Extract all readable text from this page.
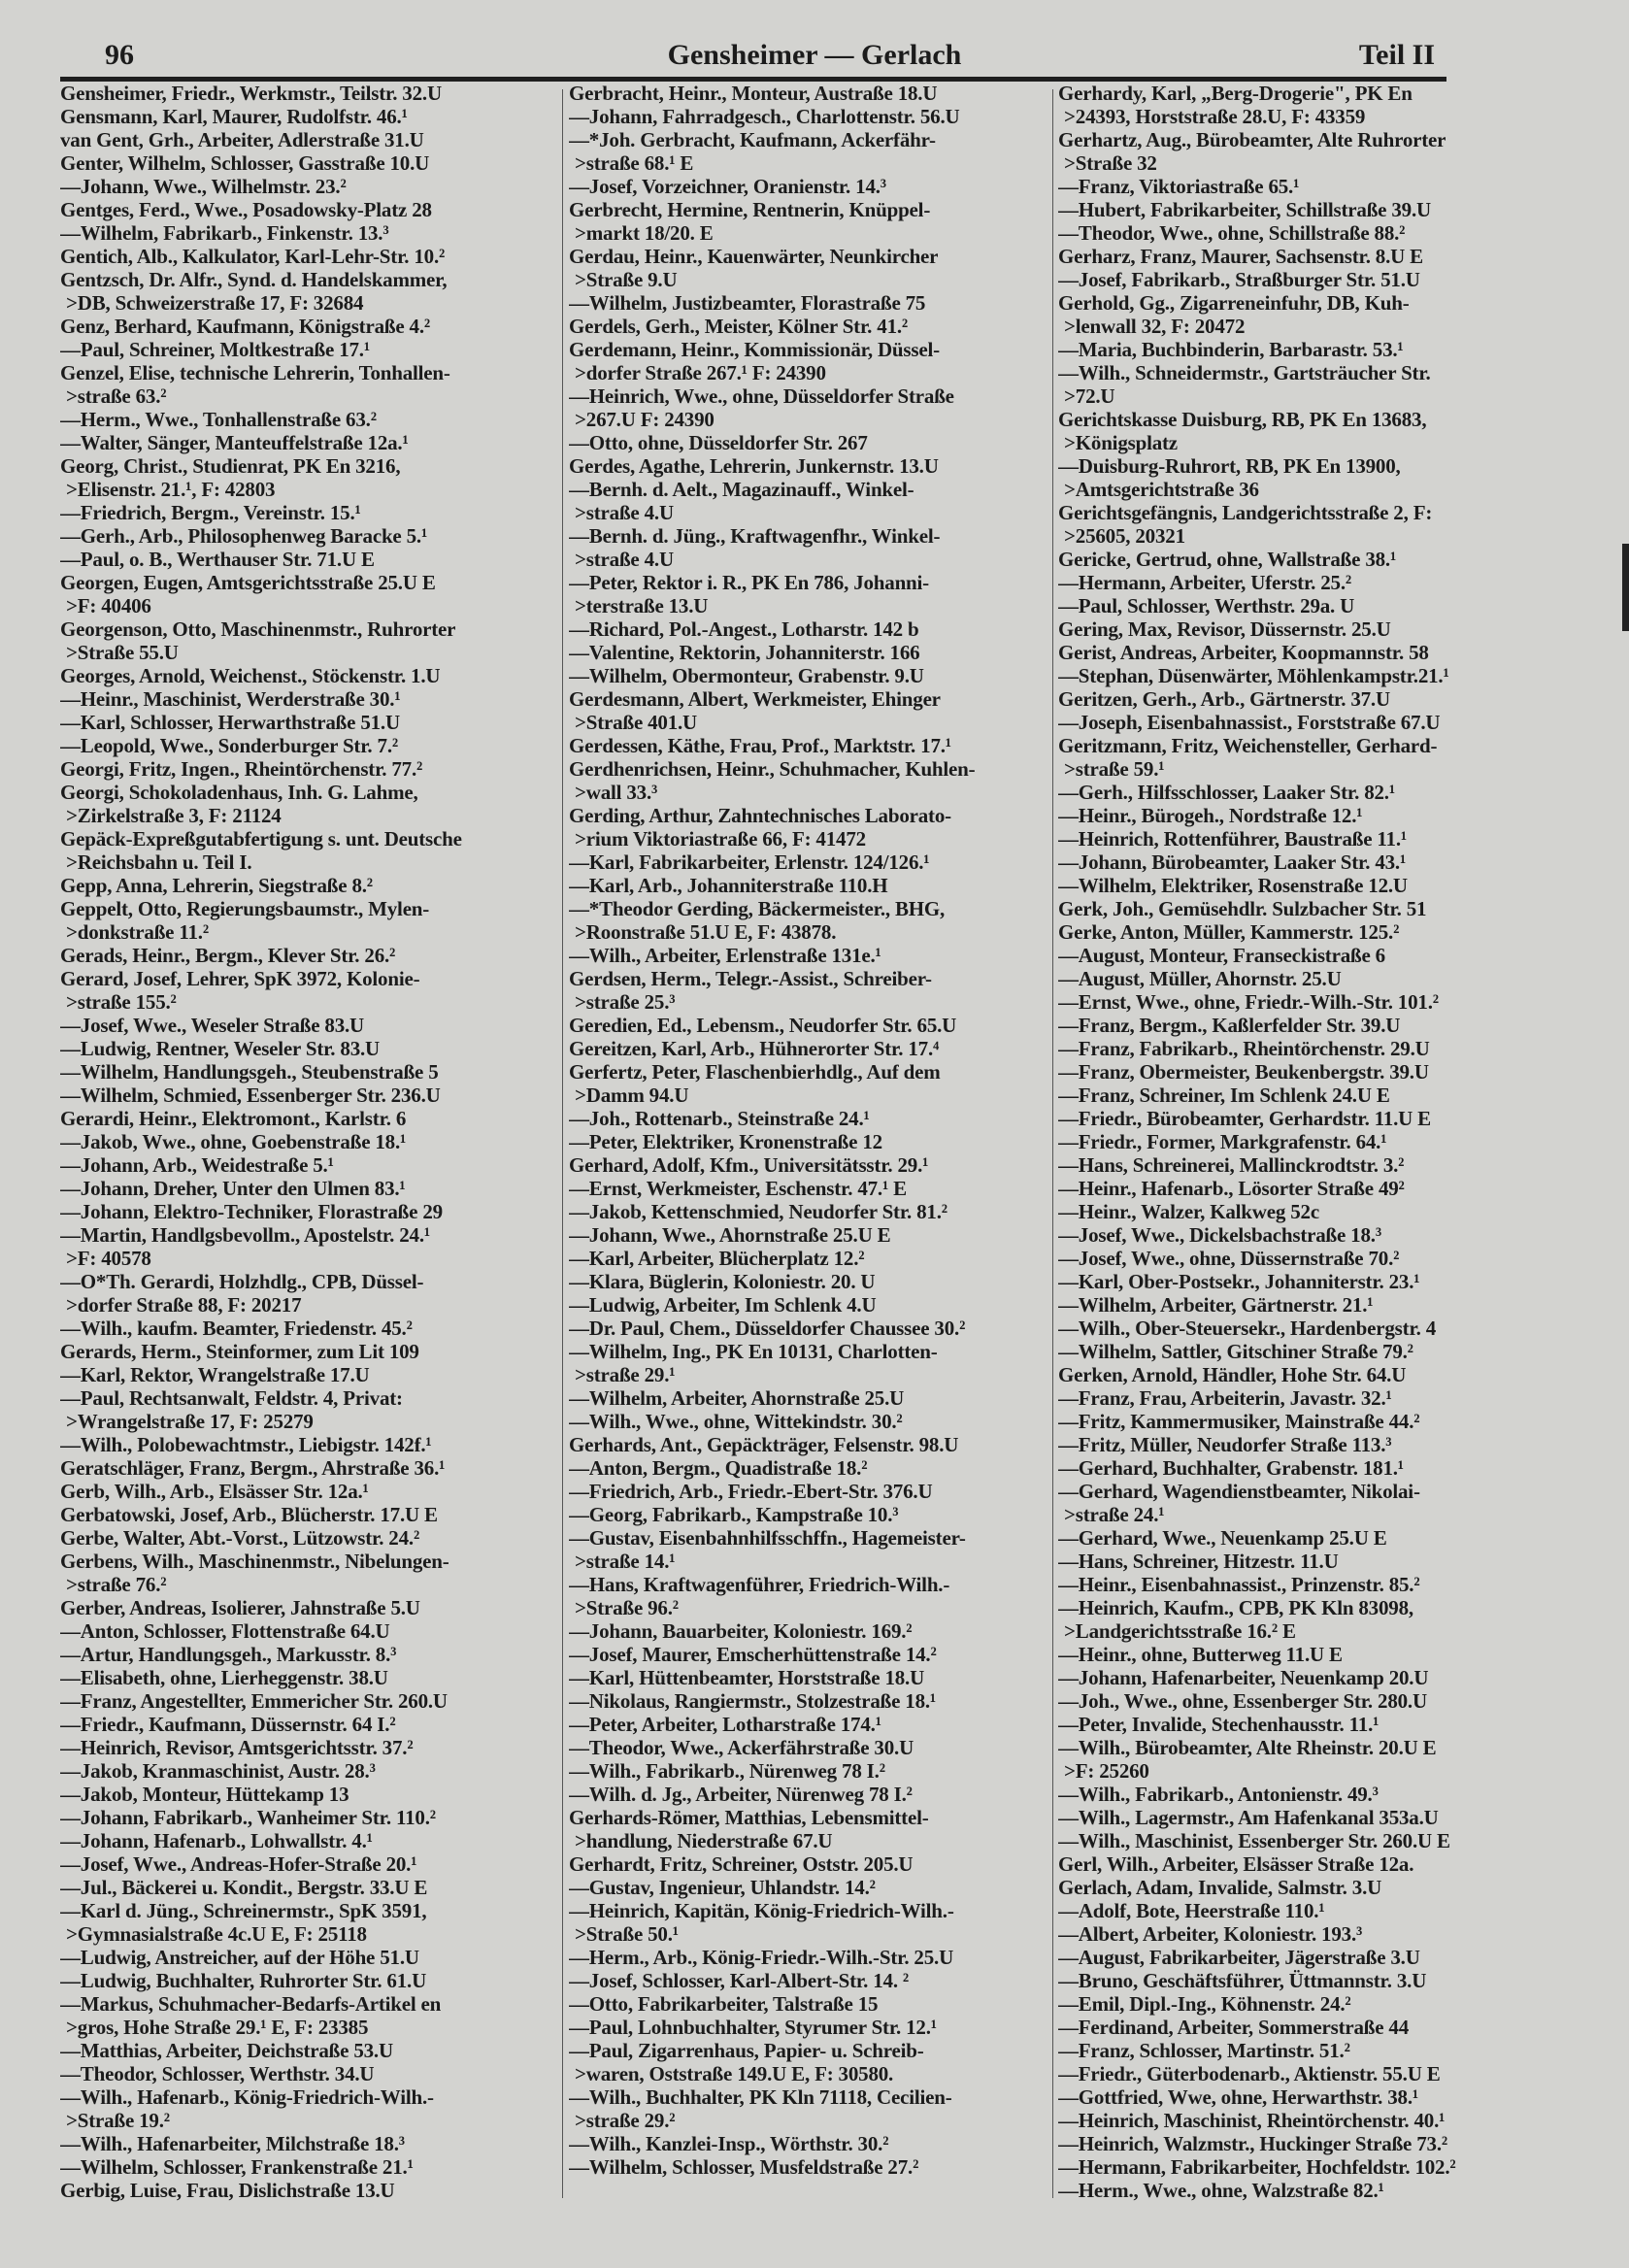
96	Gensheimer — Gerlach	Teil II
Gensheimer, Friedr., Werkmstr., Teilstr. 32.U
Gensmann, Karl, Maurer, Rudolfstr. 46.¹
van Gent, Grh., Arbeiter, Adlerstraße 31.U
Genter, Wilhelm, Schlosser, Gasstraße 10.U
—Johann, Wwe., Wilhelmstr. 23.²
Gentges, Ferd., Wwe., Posadowsky-Platz 28
—Wilhelm, Fabrikarb., Finkenstr. 13.³
Gentich, Alb., Kalkulator, Karl-Lehr-Str. 10.²
Gentzsch, Dr. Alfr., Synd. d. Handelskammer,
>DB, Schweizerstraße 17, F: 32684
Genz, Berhard, Kaufmann, Königstraße 4.²
—Paul, Schreiner, Moltkestraße 17.¹
Genzel, Elise, technische Lehrerin, Tonhallen-
>straße 63.²
—Herm., Wwe., Tonhallenstraße 63.²
—Walter, Sänger, Manteuffelstraße 12a.¹
Georg, Christ., Studienrat, PK En 3216,
>Elisenstr. 21.¹, F: 42803
—Friedrich, Bergm., Vereinstr. 15.¹
—Gerh., Arb., Philosophenweg Baracke 5.¹
—Paul, o. B., Werthauser Str. 71.U E
Georgen, Eugen, Amtsgerichtsstraße 25.U E
>F: 40406
Georgenson, Otto, Maschinenmstr., Ruhrorter
>Straße 55.U
Georges, Arnold, Weichenst., Stöckenstr. 1.U
—Heinr., Maschinist, Werderstraße 30.¹
—Karl, Schlosser, Herwarthstraße 51.U
—Leopold, Wwe., Sonderburger Str. 7.²
Georgi, Fritz, Ingen., Rheintörchenstr. 77.²
Georgi, Schokoladenhaus, Inh. G. Lahme,
>Zirkelstraße 3, F: 21124
Gepäck-Expreßgutabfertigung s. unt. Deutsche
>Reichsbahn u. Teil I.
Gepp, Anna, Lehrerin, Siegstraße 8.²
Geppelt, Otto, Regierungsbaumstr., Mylen-
>donkstraße 11.²
Gerads, Heinr., Bergm., Klever Str. 26.²
Gerard, Josef, Lehrer, SpK 3972, Kolonie-
>straße 155.²
—Josef, Wwe., Weseler Straße 83.U
—Ludwig, Rentner, Weseler Str. 83.U
—Wilhelm, Handlungsgeh., Steubenstraße 5
—Wilhelm, Schmied, Essenberger Str. 236.U
Gerardi, Heinr., Elektromont., Karlstr. 6
—Jakob, Wwe., ohne, Goebenstraße 18.¹
—Johann, Arb., Weidestraße 5.¹
—Johann, Dreher, Unter den Ulmen 83.¹
—Johann, Elektro-Techniker, Florastraße 29
—Martin, Handlgsbevollm., Apostelstr. 24.¹
>F: 40578
—O*Th. Gerardi, Holzhdlg., CPB, Düssel-
>dorfer Straße 88, F: 20217
—Wilh., kaufm. Beamter, Friedenstr. 45.²
Gerards, Herm., Steinformer, zum Lit 109
—Karl, Rektor, Wrangelstraße 17.U
—Paul, Rechtsanwalt, Feldstr. 4, Privat:
>Wrangelstraße 17, F: 25279
—Wilh., Polobewachtmstr., Liebigstr. 142f.¹
Geratschläger, Franz, Bergm., Ahrstraße 36.¹
Gerb, Wilh., Arb., Elsässer Str. 12a.¹
Gerbatowski, Josef, Arb., Blücherstr. 17.U E
Gerbe, Walter, Abt.-Vorst., Lützowstr. 24.²
Gerbens, Wilh., Maschinenmstr., Nibelungen-
>straße 76.²
Gerber, Andreas, Isolierer, Jahnstraße 5.U
—Anton, Schlosser, Flottenstraße 64.U
—Artur, Handlungsgeh., Markusstr. 8.³
—Elisabeth, ohne, Lierheggenstr. 38.U
—Franz, Angestellter, Emmericher Str. 260.U
—Friedr., Kaufmann, Düssernstr. 64 I.²
—Heinrich, Revisor, Amtsgerichtsstr. 37.²
—Jakob, Kranmaschinist, Austr. 28.³
—Jakob, Monteur, Hüttekamp 13
—Johann, Fabrikarb., Wanheimer Str. 110.²
—Johann, Hafenarb., Lohwallstr. 4.¹
—Josef, Wwe., Andreas-Hofer-Straße 20.¹
—Jul., Bäckerei u. Kondit., Bergstr. 33.U E
—Karl d. Jüng., Schreinermstr., SpK 3591,
>Gymnasialstraße 4c.U E, F: 25118
—Ludwig, Anstreicher, auf der Höhe 51.U
—Ludwig, Buchhalter, Ruhrorter Str. 61.U
—Markus, Schuhmacher-Bedarfs-Artikel en
>gros, Hohe Straße 29.¹ E, F: 23385
—Matthias, Arbeiter, Deichstraße 53.U
—Theodor, Schlosser, Werthstr. 34.U
—Wilh., Hafenarb., König-Friedrich-Wilh.-
>Straße 19.²
—Wilh., Hafenarbeiter, Milchstraße 18.³
—Wilhelm, Schlosser, Frankenstraße 21.¹
Gerbig, Luise, Frau, Dislichstraße 13.U
Gerbracht, Heinr., Monteur, Austraße 18.U
—Johann, Fahrradgesch., Charlottenstr. 56.U
—*Joh. Gerbracht, Kaufmann, Ackerfähr-
>straße 68.¹ E
—Josef, Vorzeichner, Oranienstr. 14.³
Gerbrecht, Hermine, Rentnerin, Knüppel-
>markt 18/20. E
Gerdau, Heinr., Kauenwärter, Neunkircher
>Straße 9.U
—Wilhelm, Justizbeamter, Florastraße 75
Gerdels, Gerh., Meister, Kölner Str. 41.²
Gerdemann, Heinr., Kommissionär, Düssel-
>dorfer Straße 267.¹ F: 24390
—Heinrich, Wwe., ohne, Düsseldorfer Straße
>267.U F: 24390
—Otto, ohne, Düsseldorfer Str. 267
Gerdes, Agathe, Lehrerin, Junkernstr. 13.U
—Bernh. d. Aelt., Magazinauff., Winkel-
>straße 4.U
—Bernh. d. Jüng., Kraftwagenfhr., Winkel-
>straße 4.U
—Peter, Rektor i. R., PK En 786, Johanni-
>terstraße 13.U
—Richard, Pol.-Angest., Lotharstr. 142 b
—Valentine, Rektorin, Johanniterstr. 166
—Wilhelm, Obermonteur, Grabenstr. 9.U
Gerdesmann, Albert, Werkmeister, Ehinger
>Straße 401.U
Gerdessen, Käthe, Frau, Prof., Marktstr. 17.¹
Gerdhenrichsen, Heinr., Schuhmacher, Kuhlen-
>wall 33.³
Gerding, Arthur, Zahntechnisches Laborato-
>rium Viktoriastraße 66, F: 41472
—Karl, Fabrikarbeiter, Erlenstr. 124/126.¹
—Karl, Arb., Johanniterstraße 110.H
—*Theodor Gerding, Bäckermeister., BHG,
>Roonstraße 51.U E, F: 43878.
—Wilh., Arbeiter, Erlenstraße 131e.¹
Gerdsen, Herm., Telegr.-Assist., Schreiber-
>straße 25.³
Geredien, Ed., Lebensm., Neudorfer Str. 65.U
Gereitzen, Karl, Arb., Hühnerorter Str. 17.⁴
Gerfertz, Peter, Flaschenbierhdlg., Auf dem
>Damm 94.U
—Joh., Rottenarb., Steinstraße 24.¹
—Peter, Elektriker, Kronenstraße 12
Gerhard, Adolf, Kfm., Universitätsstr. 29.¹
—Ernst, Werkmeister, Eschenstr. 47.¹ E
—Jakob, Kettenschmied, Neudorfer Str. 81.²
—Johann, Wwe., Ahornstraße 25.U E
—Karl, Arbeiter, Blücherplatz 12.²
—Klara, Büglerin, Koloniestr. 20. U
—Ludwig, Arbeiter, Im Schlenk 4.U
—Dr. Paul, Chem., Düsseldorfer Chaussee 30.²
—Wilhelm, Ing., PK En 10131, Charlotten-
>straße 29.¹
—Wilhelm, Arbeiter, Ahornstraße 25.U
—Wilh., Wwe., ohne, Wittekindstr. 30.²
Gerhards, Ant., Gepäckträger, Felsenstr. 98.U
—Anton, Bergm., Quadistraße 18.²
—Friedrich, Arb., Friedr.-Ebert-Str. 376.U
—Georg, Fabrikarb., Kampstraße 10.³
—Gustav, Eisenbahnhilfsschffn., Hagemeister-
>straße 14.¹
—Hans, Kraftwagenführer, Friedrich-Wilh.-
>Straße 96.²
—Johann, Bauarbeiter, Koloniestr. 169.²
—Josef, Maurer, Emscherhüttenstraße 14.²
—Karl, Hüttenbeamter, Horststraße 18.U
—Nikolaus, Rangiermstr., Stolzestraße 18.¹
—Peter, Arbeiter, Lotharstraße 174.¹
—Theodor, Wwe., Ackerfährstraße 30.U
—Wilh., Fabrikarb., Nürenweg 78 I.²
—Wilh. d. Jg., Arbeiter, Nürenweg 78 I.²
Gerhards-Römer, Matthias, Lebensmittel-
>handlung, Niederstraße 67.U
Gerhardt, Fritz, Schreiner, Oststr. 205.U
—Gustav, Ingenieur, Uhlandstr. 14.²
—Heinrich, Kapitän, König-Friedrich-Wilh.-
>Straße 50.¹
—Herm., Arb., König-Friedr.-Wilh.-Str. 25.U
—Josef, Schlosser, Karl-Albert-Str. 14. ²
—Otto, Fabrikarbeiter, Talstraße 15
—Paul, Lohnbuchhalter, Styrumer Str. 12.¹
—Paul, Zigarrenhaus, Papier- u. Schreib-
>waren, Oststraße 149.U E, F: 30580.
—Wilh., Buchhalter, PK Kln 71118, Cecilien-
>straße 29.²
—Wilh., Kanzlei-Insp., Wörthstr. 30.²
—Wilhelm, Schlosser, Musfeldstraße 27.²
Gerhardy, Karl, „Berg-Drogerie", PK En
>24393, Horststraße 28.U, F: 43359
Gerhartz, Aug., Bürobeamter, Alte Ruhrorter
>Straße 32
—Franz, Viktoriastraße 65.¹
—Hubert, Fabrikarbeiter, Schillstraße 39.U
—Theodor, Wwe., ohne, Schillstraße 88.²
Gerharz, Franz, Maurer, Sachsenstr. 8.U E
—Josef, Fabrikarb., Straßburger Str. 51.U
Gerhold, Gg., Zigarreneinfuhr, DB, Kuh-
>lenwall 32, F: 20472
—Maria, Buchbinderin, Barbarastr. 53.¹
—Wilh., Schneidermstr., Gartsträucher Str.
>72.U
Gerichtskasse Duisburg, RB, PK En 13683,
>Königsplatz
—Duisburg-Ruhrort, RB, PK En 13900,
>Amtsgerichtstraße 36
Gerichtsgefängnis, Landgerichtsstraße 2, F:
>25605, 20321
Gericke, Gertrud, ohne, Wallstraße 38.¹
—Hermann, Arbeiter, Uferstr. 25.²
—Paul, Schlosser, Werthstr. 29a. U
Gering, Max, Revisor, Düssernstr. 25.U
Gerist, Andreas, Arbeiter, Koopmannstr. 58
—Stephan, Düsenwärter, Möhlenkampstr.21.¹
Geritzen, Gerh., Arb., Gärtnerstr. 37.U
—Joseph, Eisenbahnassist., Forststraße 67.U
Geritzmann, Fritz, Weichensteller, Gerhard-
>straße 59.¹
—Gerh., Hilfsschlosser, Laaker Str. 82.¹
—Heinr., Bürogeh., Nordstraße 12.¹
—Heinrich, Rottenführer, Baustraße 11.¹
—Johann, Bürobeamter, Laaker Str. 43.¹
—Wilhelm, Elektriker, Rosenstraße 12.U
Gerk, Joh., Gemüsehdlr. Sulzbacher Str. 51
Gerke, Anton, Müller, Kammerstr. 125.²
—August, Monteur, Franseckistraße 6
—August, Müller, Ahornstr. 25.U
—Ernst, Wwe., ohne, Friedr.-Wilh.-Str. 101.²
—Franz, Bergm., Kaßlerfelder Str. 39.U
—Franz, Fabrikarb., Rheintörchenstr. 29.U
—Franz, Obermeister, Beukenbergstr. 39.U
—Franz, Schreiner, Im Schlenk 24.U E
—Friedr., Bürobeamter, Gerhardstr. 11.U E
—Friedr., Former, Markgrafenstr. 64.¹
—Hans, Schreinerei, Mallinckrodtstr. 3.²
—Heinr., Hafenarb., Lösorter Straße 49²
—Heinr., Walzer, Kalkweg 52c
—Josef, Wwe., Dickelsbachstraße 18.³
—Josef, Wwe., ohne, Düssernstraße 70.²
—Karl, Ober-Postsekr., Johanniterstr. 23.¹
—Wilhelm, Arbeiter, Gärtnerstr. 21.¹
—Wilh., Ober-Steuersekr., Hardenbergstr. 4
—Wilhelm, Sattler, Gitschiner Straße 79.²
Gerken, Arnold, Händler, Hohe Str. 64.U
—Franz, Frau, Arbeiterin, Javastr. 32.¹
—Fritz, Kammermusiker, Mainstraße 44.²
—Fritz, Müller, Neudorfer Straße 113.³
—Gerhard, Buchhalter, Grabenstr. 181.¹
—Gerhard, Wagendienstbeamter, Nikolai-
>straße 24.¹
—Gerhard, Wwe., Neuenkamp 25.U E
—Hans, Schreiner, Hitzestr. 11.U
—Heinr., Eisenbahnassist., Prinzenstr. 85.²
—Heinrich, Kaufm., CPB, PK Kln 83098,
>Landgerichtsstraße 16.² E
—Heinr., ohne, Butterweg 11.U E
—Johann, Hafenarbeiter, Neuenkamp 20.U
—Joh., Wwe., ohne, Essenberger Str. 280.U
—Peter, Invalide, Stechenhausstr. 11.¹
—Wilh., Bürobeamter, Alte Rheinstr. 20.U E
>F: 25260
—Wilh., Fabrikarb., Antonienstr. 49.³
—Wilh., Lagermstr., Am Hafenkanal 353a.U
—Wilh., Maschinist, Essenberger Str. 260.U E
Gerl, Wilh., Arbeiter, Elsässer Straße 12a.
Gerlach, Adam, Invalide, Salmstr. 3.U
—Adolf, Bote, Heerstraße 110.¹
—Albert, Arbeiter, Koloniestr. 193.³
—August, Fabrikarbeiter, Jägerstraße 3.U
—Bruno, Geschäftsführer, Üttmannstr. 3.U
—Emil, Dipl.-Ing., Köhnenstr. 24.²
—Ferdinand, Arbeiter, Sommerstraße 44
—Franz, Schlosser, Martinstr. 51.²
—Friedr., Güterbodenarb., Aktienstr. 55.U E
—Gottfried, Wwe, ohne, Herwarthstr. 38.¹
—Heinrich, Maschinist, Rheintörchenstr. 40.¹
—Heinrich, Walzmstr., Huckinger Straße 73.²
—Hermann, Fabrikarbeiter, Hochfeldstr. 102.²
—Herm., Wwe., ohne, Walzstraße 82.¹
